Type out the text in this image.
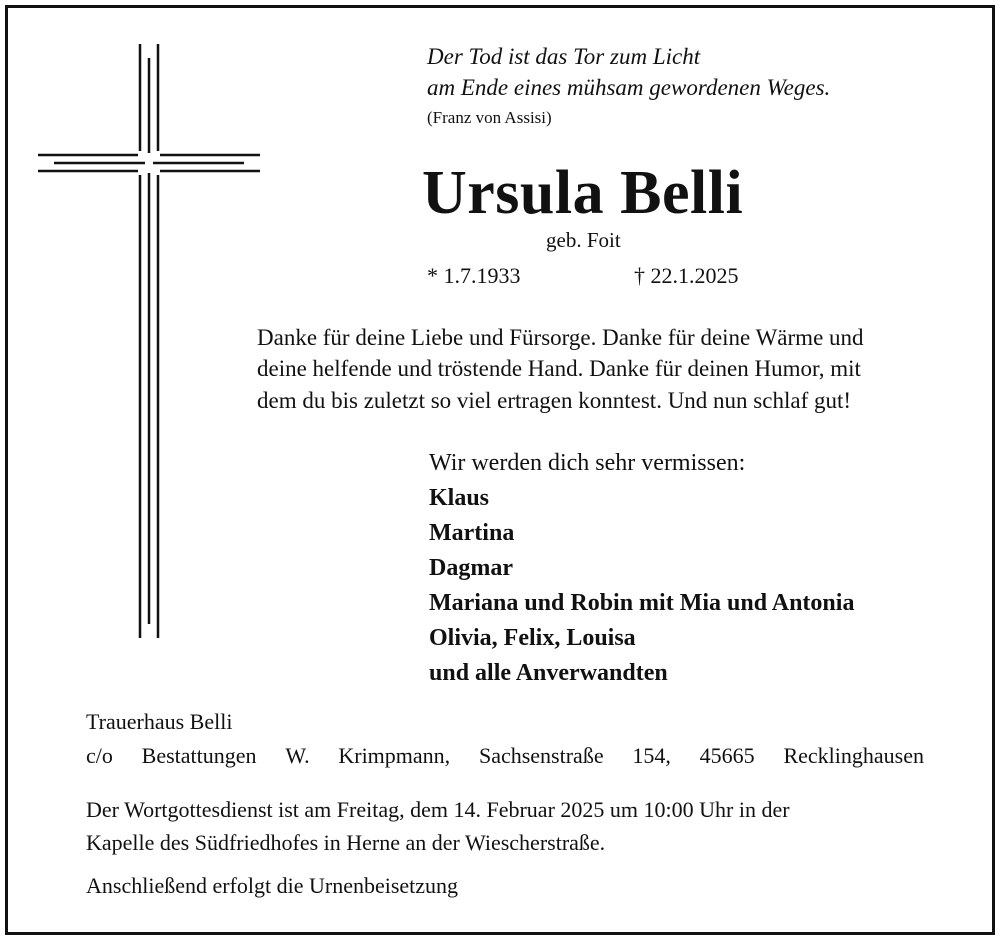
Der Tod ist das Tor zum Licht
am Ende eines mühsam gewordenen Weges.
(Franz von Assisi)
Ursula Belli
geb. Foit
* 1.7.1933	† 22.1.2025
Danke für deine Liebe und Fürsorge. Danke für deine Wärme und
deine helfende und tröstende Hand. Danke für deinen Humor, mit
dem du bis zuletzt so viel ertragen konntest. Und nun schlaf gut!
Wir werden dich sehr vermissen:
Klaus
Martina
Dagmar
Mariana und Robin mit Mia und Antonia
Olivia, Felix, Louisa
und alle Anverwandten
Trauerhaus Belli
c/o Bestattungen W. Krimpmann, Sachsenstraße 154, 45665 Recklinghausen
Der Wortgottesdienst ist am Freitag, dem 14. Februar 2025 um 10:00 Uhr in der
Kapelle des Südfriedhofes in Herne an der Wiescherstraße.
Anschließend erfolgt die Urnenbeisetzung
